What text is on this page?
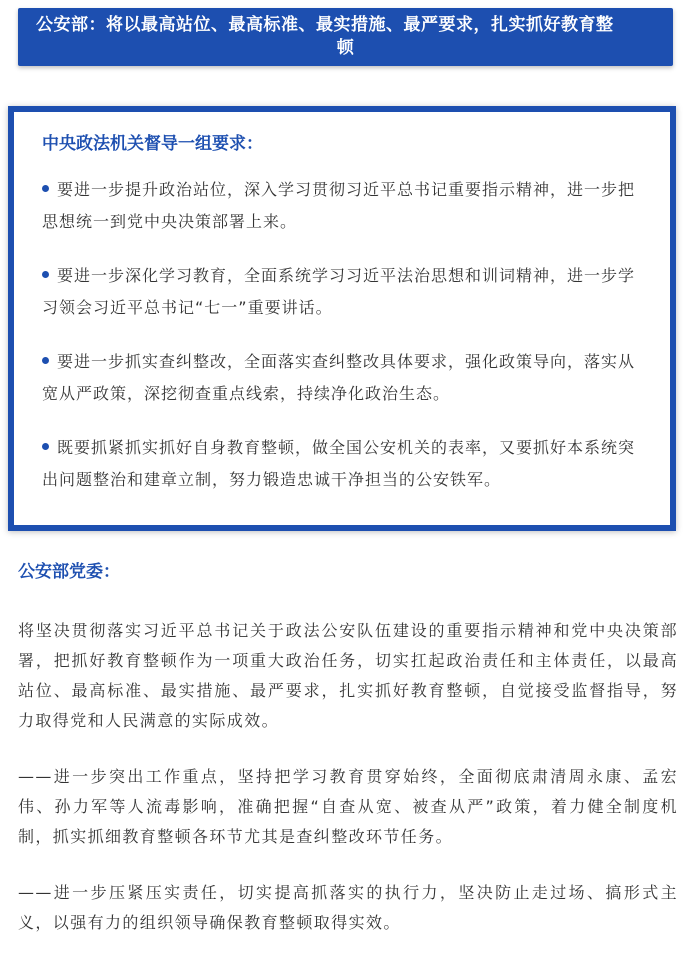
公安部：将以最高站位、最高标准、最实措施、最严要求，扎实抓好教育整
顿
中央政法机关督导一组要求：
要进一步提升政治站位，深入学习贯彻习近平总书记重要指示精神，进一步把思想统一到党中央决策部署上来。
要进一步深化学习教育，全面系统学习习近平法治思想和训词精神，进一步学习领会习近平总书记“七一”重要讲话。
要进一步抓实查纠整改，全面落实查纠整改具体要求，强化政策导向，落实从宽从严政策，深挖彻查重点线索，持续净化政治生态。
既要抓紧抓实抓好自身教育整顿，做全国公安机关的表率，又要抓好本系统突出问题整治和建章立制，努力锻造忠诚干净担当的公安铁军。
公安部党委：

将坚决贯彻落实习近平总书记关于政法公安队伍建设的重要指示精神和党中央决策部署，把抓好教育整顿作为一项重大政治任务，切实扛起政治责任和主体责任，以最高站位、最高标准、最实措施、最严要求，扎实抓好教育整顿，自觉接受监督指导，努力取得党和人民满意的实际成效。

——进一步突出工作重点，坚持把学习教育贯穿始终，全面彻底肃清周永康、孟宏伟、孙力军等人流毒影响，准确把握“自查从宽、被查从严”政策，着力健全制度机制，抓实抓细教育整顿各环节尤其是查纠整改环节任务。

——进一步压紧压实责任，切实提高抓落实的执行力，坚决防止走过场、搞形式主义，以强有力的组织领导确保教育整顿取得实效。
